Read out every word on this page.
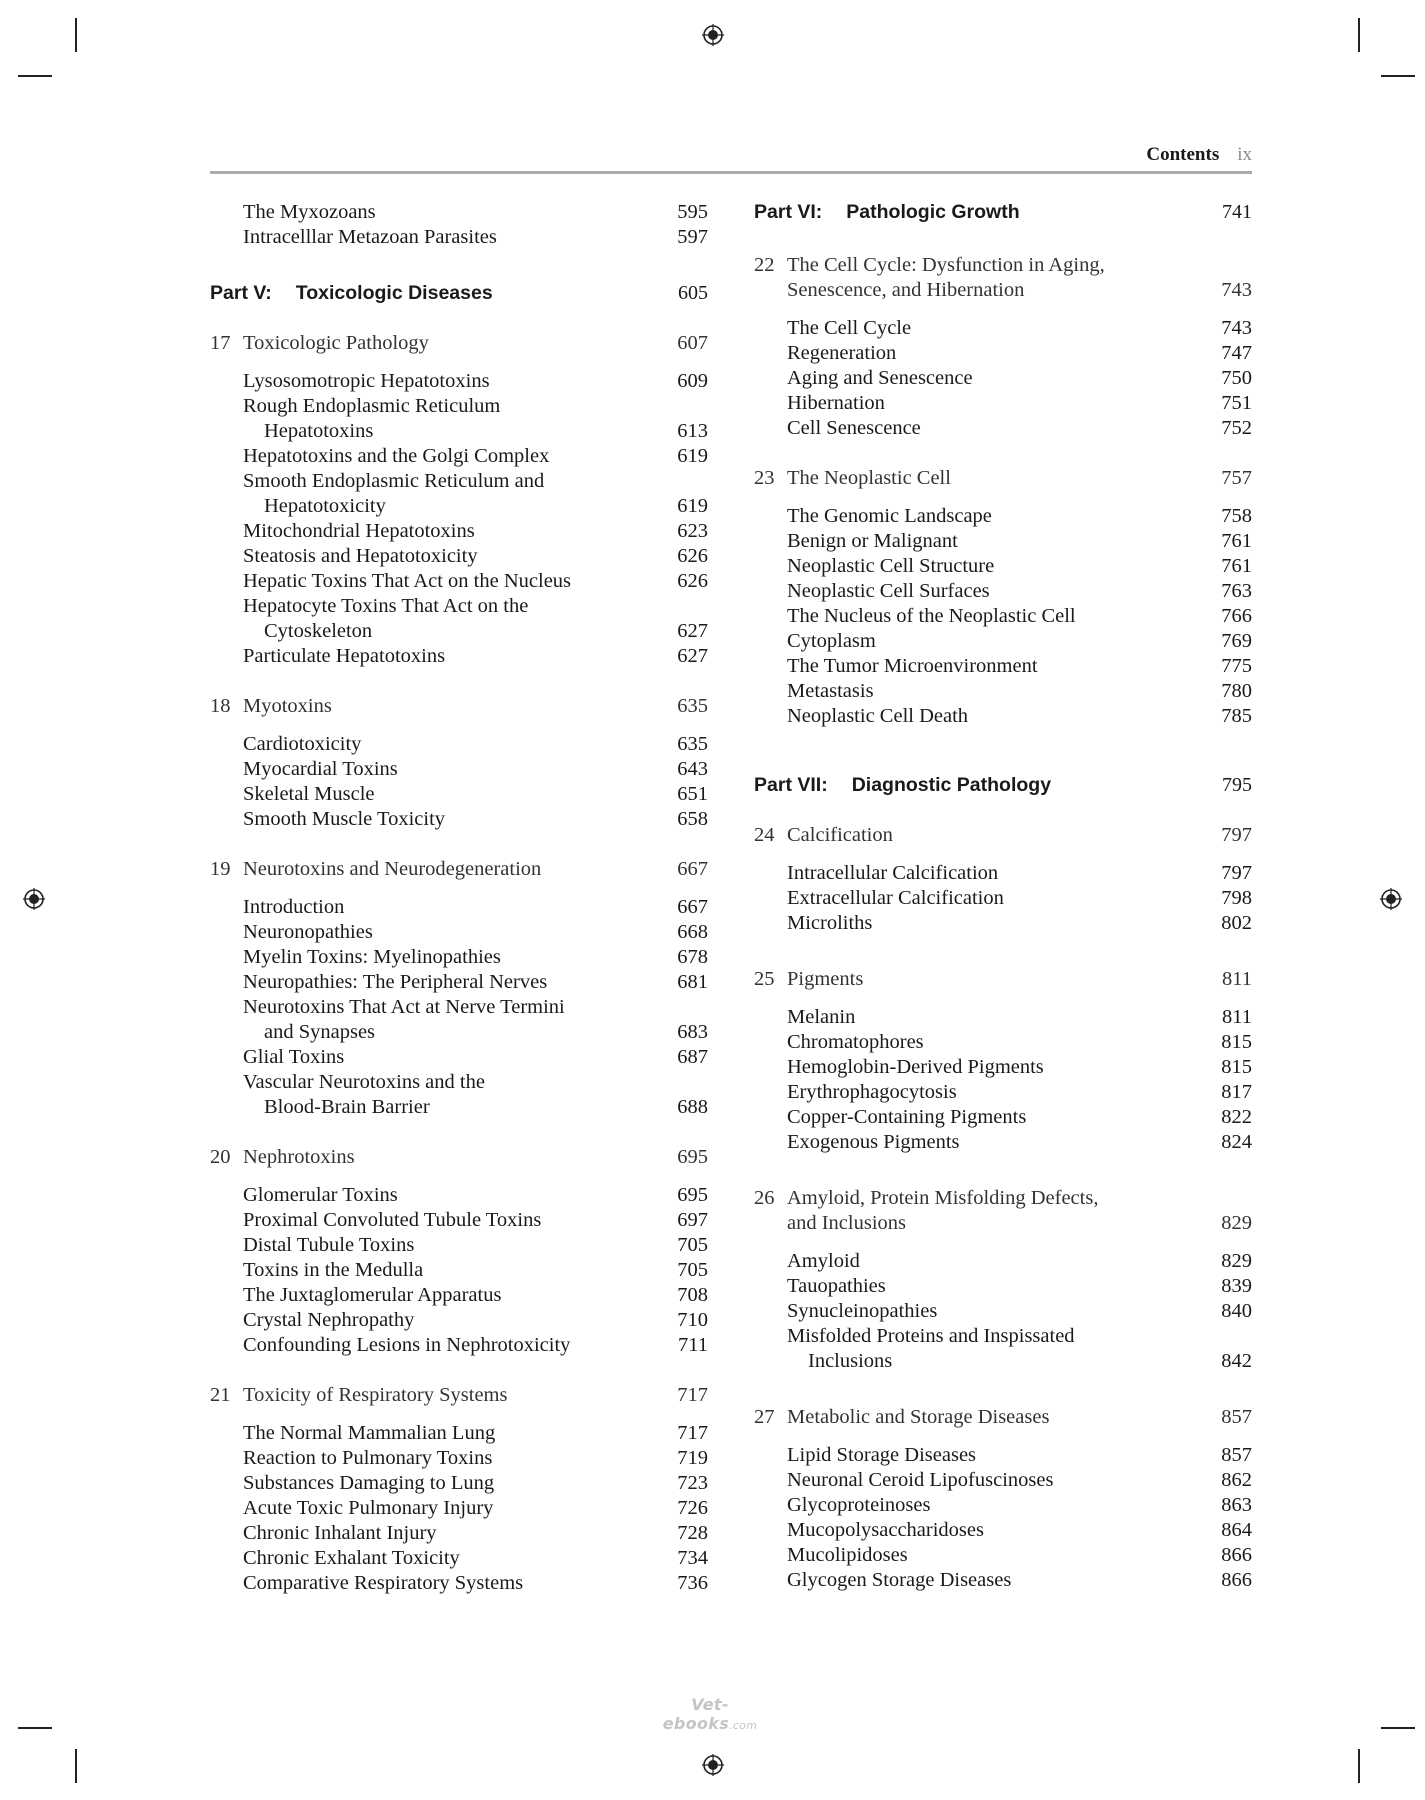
Contents ix
The Myxozoans	595
Intracelllar Metazoan Parasites	597
Part V: Toxicologic Diseases	605
17 Toxicologic Pathology	607
Lysosomotropic Hepatotoxins	609
Rough Endoplasmic Reticulum
Hepatotoxins	613
Hepatotoxins and the Golgi Complex	619
Smooth Endoplasmic Reticulum and
Hepatotoxicity	619
Mitochondrial Hepatotoxins	623
Steatosis and Hepatotoxicity	626
Hepatic Toxins That Act on the Nucleus	626
Hepatocyte Toxins That Act on the
Cytoskeleton	627
Particulate Hepatotoxins	627
18 Myotoxins	635
Cardiotoxicity	635
Myocardial Toxins	643
Skeletal Muscle	651
Smooth Muscle Toxicity	658
19 Neurotoxins and Neurodegeneration	667
Introduction	667
Neuronopathies	668
Myelin Toxins: Myelinopathies	678
Neuropathies: The Peripheral Nerves	681
Neurotoxins That Act at Nerve Termini
and Synapses	683
Glial Toxins	687
Vascular Neurotoxins and the
Blood-Brain Barrier	688
20 Nephrotoxins	695
Glomerular Toxins	695
Proximal Convoluted Tubule Toxins	697
Distal Tubule Toxins	705
Toxins in the Medulla	705
The Juxtaglomerular Apparatus	708
Crystal Nephropathy	710
Confounding Lesions in Nephrotoxicity	711
21 Toxicity of Respiratory Systems	717
The Normal Mammalian Lung	717
Reaction to Pulmonary Toxins	719
Substances Damaging to Lung	723
Acute Toxic Pulmonary Injury	726
Chronic Inhalant Injury	728
Chronic Exhalant Toxicity	734
Comparative Respiratory Systems	736
Part VI: Pathologic Growth	741
22 The Cell Cycle: Dysfunction in Aging,
Senescence, and Hibernation	743
The Cell Cycle	743
Regeneration	747
Aging and Senescence	750
Hibernation	751
Cell Senescence	752
23 The Neoplastic Cell	757
The Genomic Landscape	758
Benign or Malignant	761
Neoplastic Cell Structure	761
Neoplastic Cell Surfaces	763
The Nucleus of the Neoplastic Cell	766
Cytoplasm	769
The Tumor Microenvironment	775
Metastasis	780
Neoplastic Cell Death	785
Part VII: Diagnostic Pathology	795
24 Calcification	797
Intracellular Calcification	797
Extracellular Calcification	798
Microliths	802
25 Pigments	811
Melanin	811
Chromatophores	815
Hemoglobin-Derived Pigments	815
Erythrophagocytosis	817
Copper-Containing Pigments	822
Exogenous Pigments	824
26 Amyloid, Protein Misfolding Defects,
and Inclusions	829
Amyloid	829
Tauopathies	839
Synucleinopathies	840
Misfolded Proteins and Inspissated
Inclusions	842
27 Metabolic and Storage Diseases	857
Lipid Storage Diseases	857
Neuronal Ceroid Lipofuscinoses	862
Glycoproteinoses	863
Mucopolysaccharidoses	864
Mucolipidoses	866
Glycogen Storage Diseases	866
Vet-ebooks.com
